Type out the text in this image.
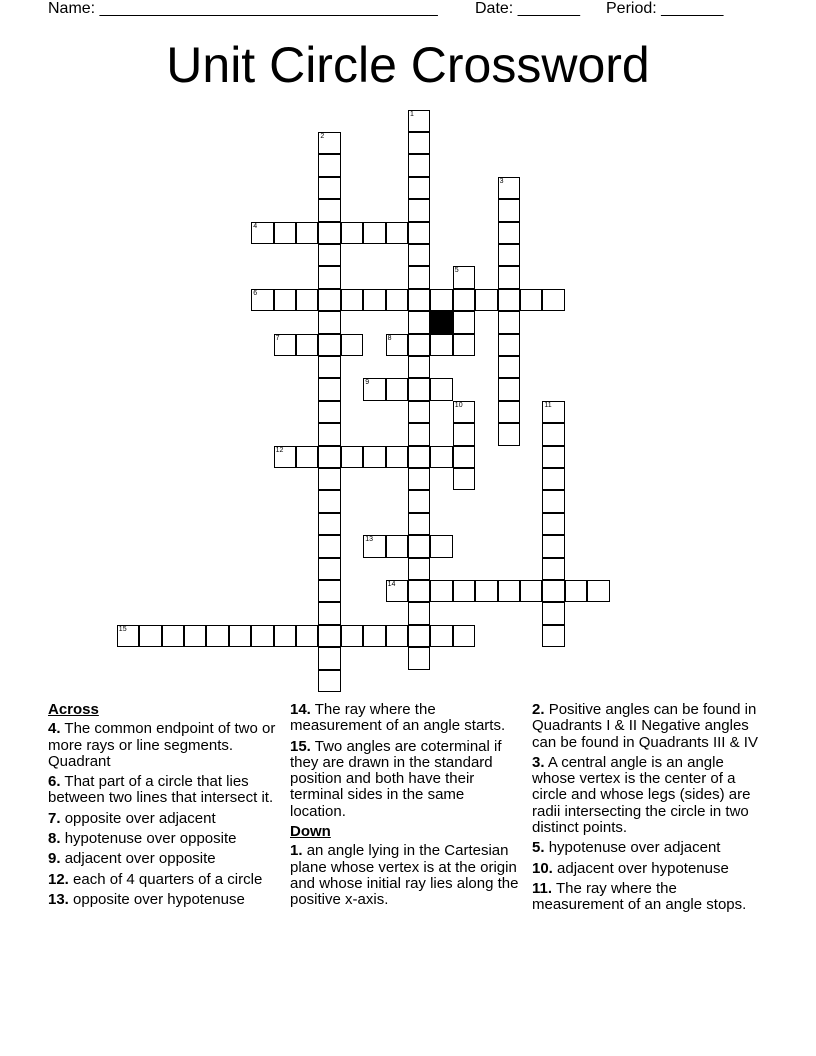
Name: ______________________________________ Date: _______ Period: _______
Unit Circle Crossword
1
2
3
4
5
6
7	8
9
10	11
12
13
14
15
Across
4. The common endpoint of two or more rays or line segments. Quadrant
6. That part of a circle that lies between two lines that intersect it.
7. opposite over adjacent
8. hypotenuse over opposite
9. adjacent over opposite
12. each of 4 quarters of a circle
13. opposite over hypotenuse
14. The ray where the measurement of an angle starts.
15. Two angles are coterminal if they are drawn in the standard position and both have their terminal sides in the same location.
Down
1. an angle lying in the Cartesian plane whose vertex is at the origin and whose initial ray lies along the positive x-axis.
2. Positive angles can be found in Quadrants I & II Negative angles can be found in Quadrants III & IV
3. A central angle is an angle whose vertex is the center of a circle and whose legs (sides) are radii intersecting the circle in two distinct points.
5. hypotenuse over adjacent
10. adjacent over hypotenuse
11. The ray where the measurement of an angle stops.
